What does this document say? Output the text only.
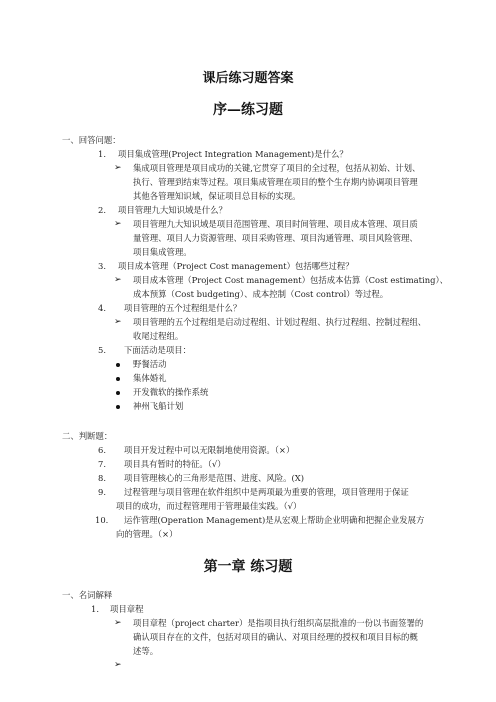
课后练习题答案
序—练习题
一、回答问题：
1. 项目集成管理(Project Integration Management)是什么？
➢ 集成项目管理是项目成功的关键,它贯穿了项目的全过程，包括从初始、计划、
执行、管理到结束等过程。项目集成管理在项目的整个生存期内协调项目管理
其他各管理知识域，保证项目总目标的实现。
2. 项目管理九大知识域是什么？
➢ 项目管理九大知识域是项目范围管理、项目时间管理、项目成本管理、项目质
量管理、项目人力资源管理、项目采购管理、项目沟通管理、项目风险管理、
项目集成管理。
3. 项目成本管理（Project Cost management）包括哪些过程？
➢ 项目成本管理（Project Cost management）包括成本估算（Cost estimating）、
成本预算（Cost budgeting）、成本控制（Cost control）等过程。
4. 项目管理的五个过程组是什么？
➢ 项目管理的五个过程组是启动过程组、计划过程组、执行过程组、控制过程组、
收尾过程组。
5. 下面活动是项目：
野餐活动
集体婚礼
开发微软的操作系统
神州飞船计划
二、判断题：
6. 项目开发过程中可以无限制地使用资源。（×）
7. 项目具有暂时的特征。（√）
8. 项目管理核心的三角形是范围、进度、风险。(X)
9. 过程管理与项目管理在软件组织中是两项最为重要的管理，项目管理用于保证
项目的成功，而过程管理用于管理最佳实践。（√）
10. 运作管理(Operation Management)是从宏观上帮助企业明确和把握企业发展方
向的管理。（×）
第一章 练习题
一、名词解释
1. 项目章程
➢ 项目章程（project charter）是指项目执行组织高层批准的一份以书面签署的
确认项目存在的文件，包括对项目的确认、对项目经理的授权和项目目标的概
述等。
➢
